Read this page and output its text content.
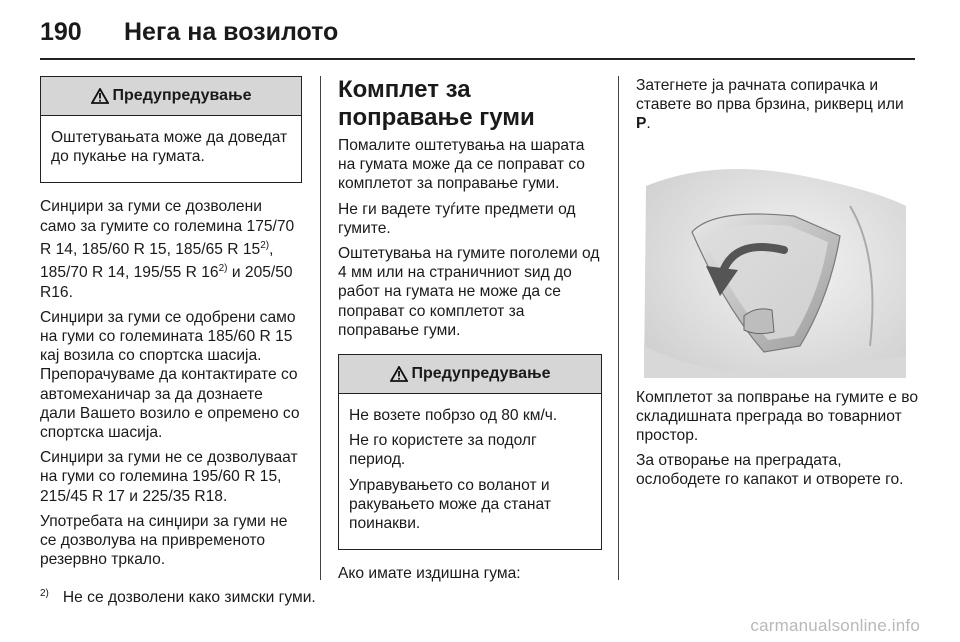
190 Нега на возилото
Предупредување

Оштетувањата може да доведат до пукање на гумата.

Синџири за гуми се дозволени само за гумите со големина 175/70 R 14, 185/60 R 15, 185/65 R 15$^{2)}$, 185/70 R 14, 195/55 R 16$^{2)}$ и 205/50 R16.

Синџири за гуми се одобрени само на гуми со големината 185/60 R 15 кај возила со спортска шасија. Препорачуваме да контактирате со автомеханичар за да дознаете дали Вашето возило е опремено со спортска шасија.

Синџири за гуми не се дозволуваат на гуми со големина 195/60 R 15, 215/45 R 17 и 225/35 R18.

Употребата на синџири за гуми не се дозволува на привременото резервно тркало.

Комплет за поправање гуми

Помалите оштетувања на шарата на гумата може да се поправат со комплетот за поправање гуми.

Не ги вадете туѓите предмети од гумите.

Оштетувања на гумите поголеми од 4 мм или на страничниот sид до работ на гумата не може да се поправат со комплетот за поправање гуми.

Предупредување

Не возете побрзо од 80 км/ч.

Не го користете за подолг период.

Управувањето со воланот и ракувањето може да станат поинакви.

Ако имате издишна гума:

Затегнете ја рачната сопирачка и ставете во прва брзина, рикверц или P.

Комплетот за попврање на гумите е во складишната преграда во товарниот простор.

За отворање на преградата, ослободете го капакот и отворете го.

$^{2)}$ Не се дозволени како зимски гуми.
carmanualsonline.info
